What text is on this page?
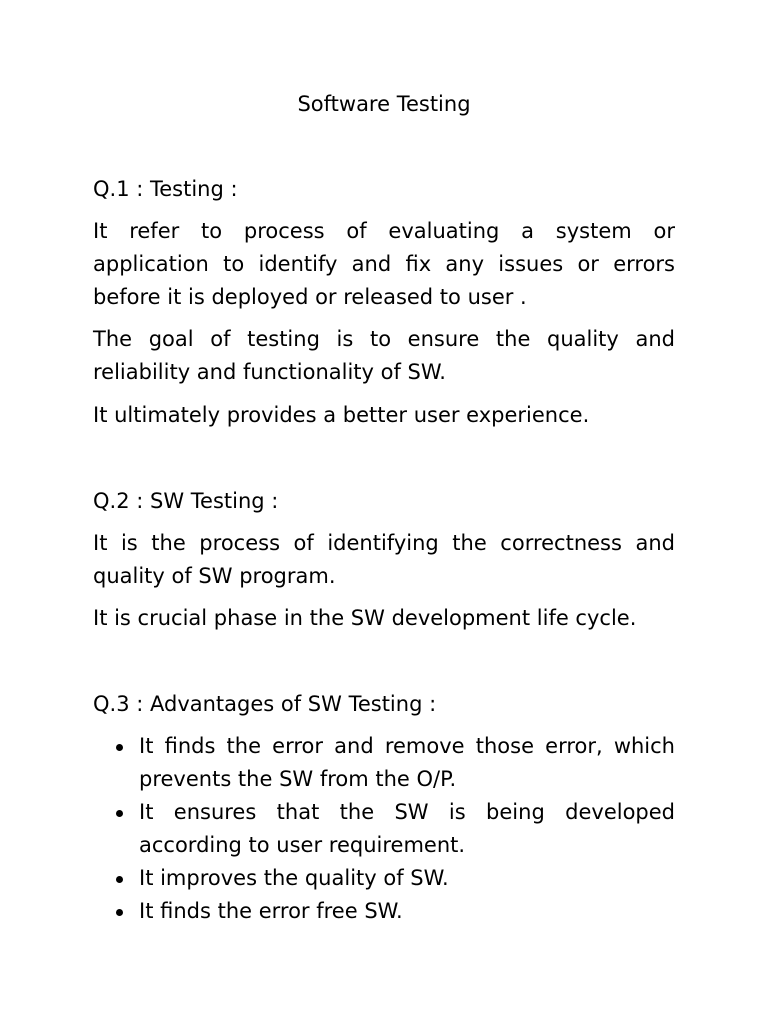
Software Testing
Q.1 : Testing :

It refer to process of evaluating a system or application to identify and fix any issues or errors before it is deployed or released to user .

The goal of testing is to ensure the quality and reliability and functionality of SW.

It ultimately provides a better user experience.

Q.2 : SW Testing :

It is the process of identifying the correctness and quality of SW program.

It is crucial phase in the SW development life cycle.

Q.3 : Advantages of SW Testing :
It finds the error and remove those error, which prevents the SW from the O/P.
It ensures that the SW is being developed according to user requirement.
It improves the quality of SW.
It finds the error free SW.
